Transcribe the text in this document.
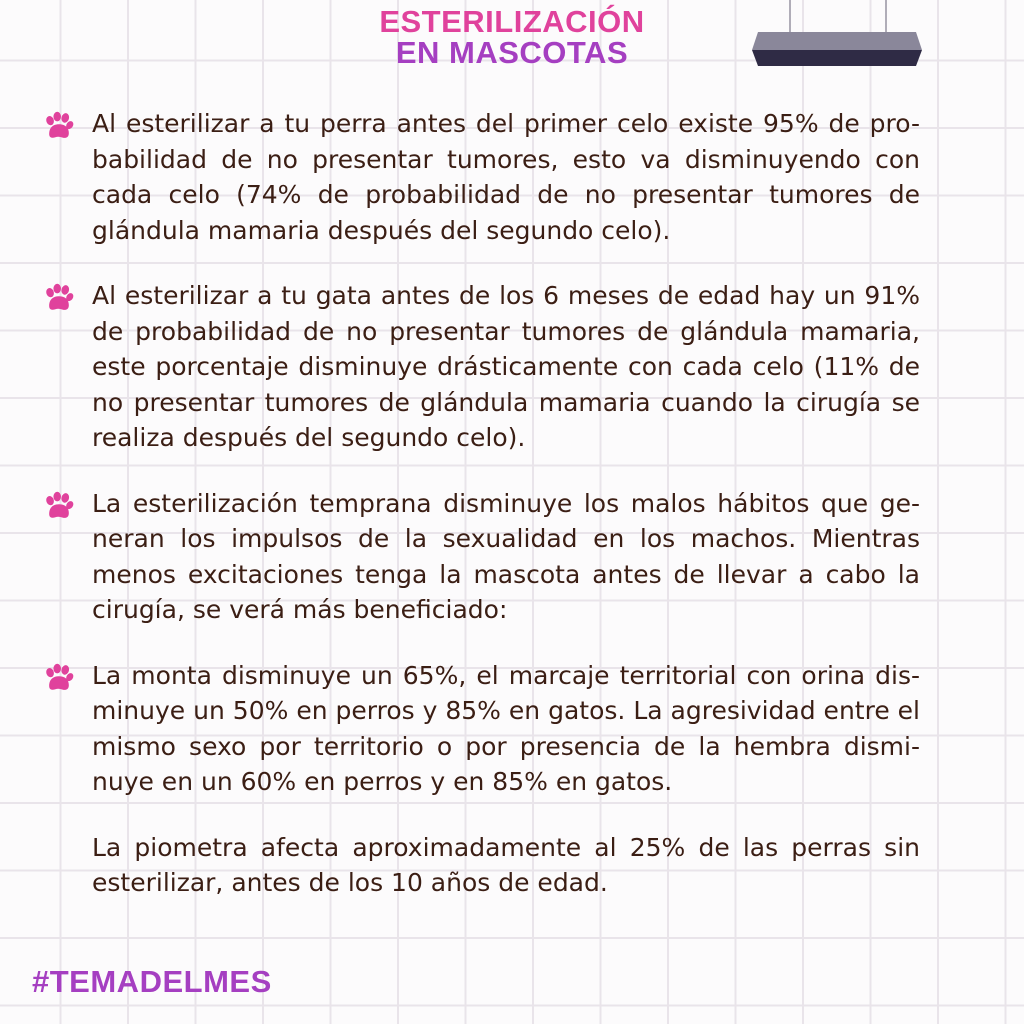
ESTERILIZACIÓN
EN MASCOTAS

Al esterilizar a tu perra antes del primer celo existe 95% de pro-babilidad de no presentar tumores, esto va disminuyendo con cada celo (74% de probabilidad de no presentar tumores de glándula mamaria después del segundo celo).

Al esterilizar a tu gata antes de los 6 meses de edad hay un 91% de probabilidad de no presentar tumores de glándula mamaria, este porcentaje disminuye drásticamente con cada celo (11% de no presentar tumores de glándula mamaria cuando la cirugía se realiza después del segundo celo).

La esterilización temprana disminuye los malos hábitos que ge-neran los impulsos de la sexualidad en los machos. Mientras menos excitaciones tenga la mascota antes de llevar a cabo la cirugía, se verá más beneficiado:

La monta disminuye un 65%, el marcaje territorial con orina dis-minuye un 50% en perros y 85% en gatos. La agresividad entre el mismo sexo por territorio o por presencia de la hembra dismi-nuye en un 60% en perros y en 85% en gatos.

La piometra afecta aproximadamente al 25% de las perras sin esterilizar, antes de los 10 años de edad.

#TEMADELMES
